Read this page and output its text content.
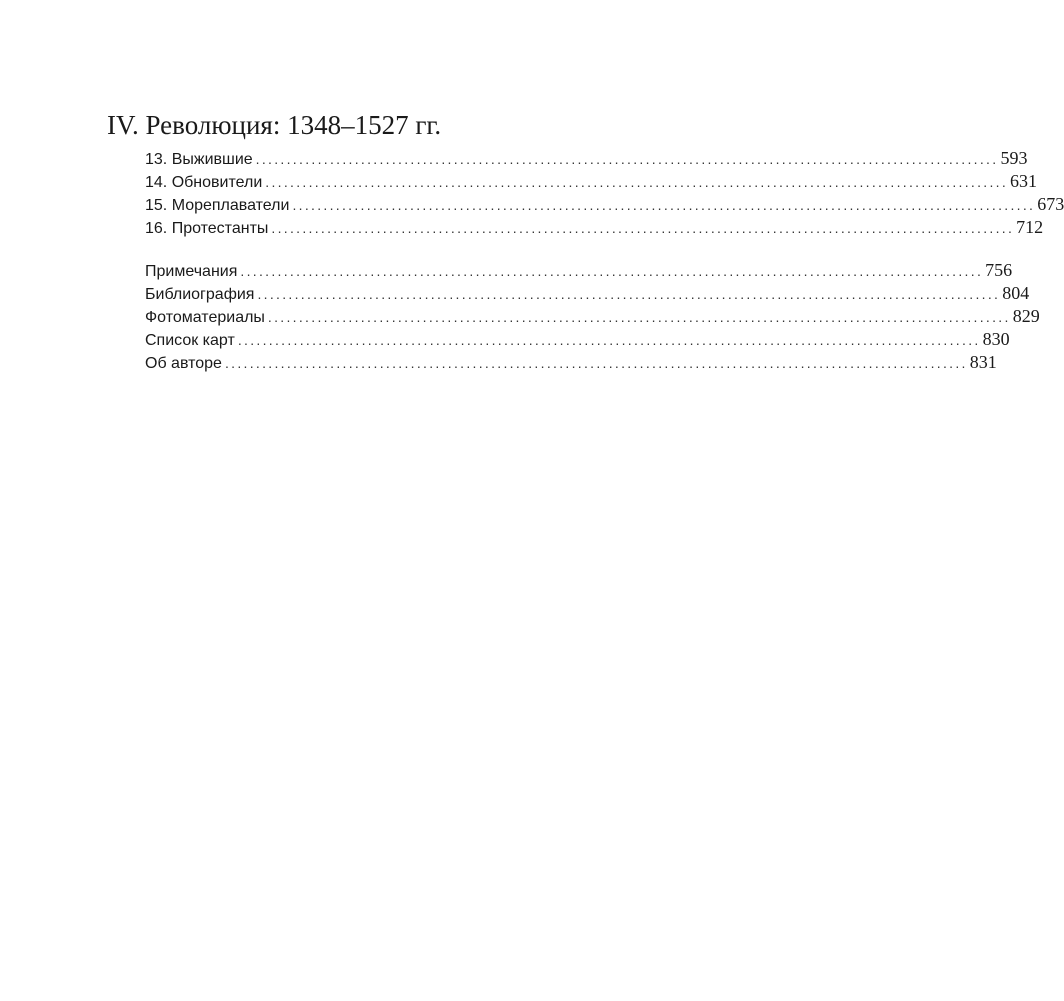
IV. Революция: 1348–1527 гг.
13. Выжившие ........................................................................................................................ 593
14. Обновители ........................................................................................................................ 631
15. Мореплаватели ........................................................................................................................ 673
16. Протестанты ........................................................................................................................ 712
Примечания ........................................................................................................................ 756
Библиография ........................................................................................................................ 804
Фотоматериалы ........................................................................................................................ 829
Список карт ........................................................................................................................ 830
Об авторе ........................................................................................................................ 831
